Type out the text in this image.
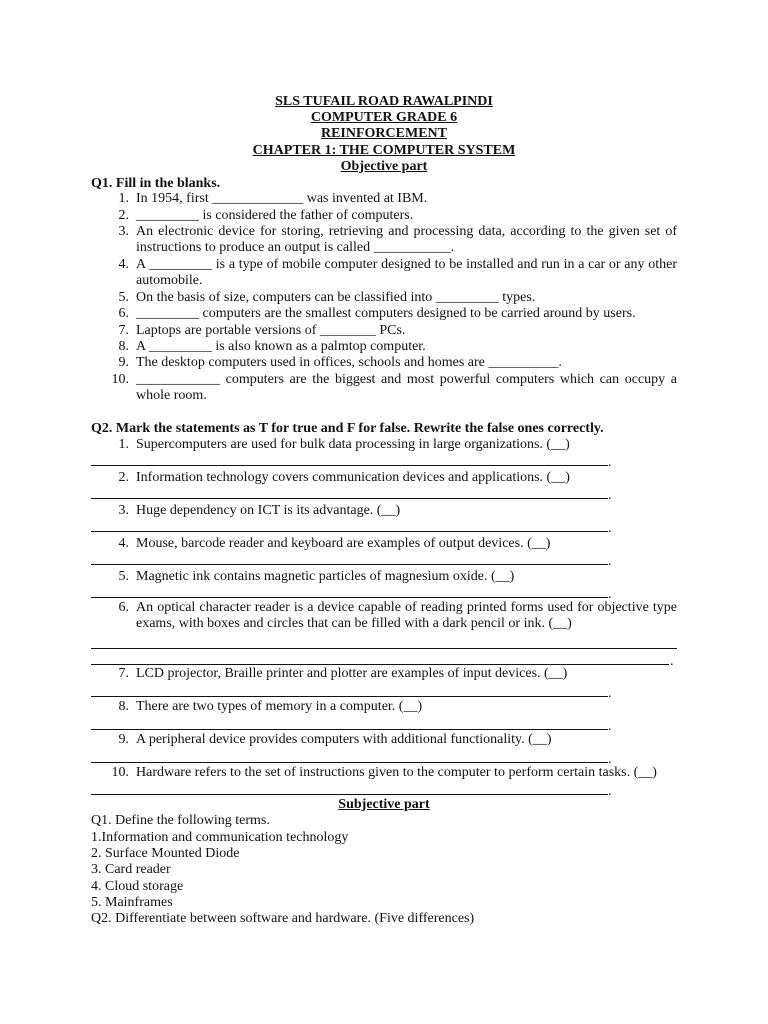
SLS TUFAIL ROAD RAWALPINDI
COMPUTER GRADE 6
REINFORCEMENT
CHAPTER 1: THE COMPUTER SYSTEM
Objective part
Q1. Fill in the blanks.
1. In 1954, first _____________ was invented at IBM.
2. _________ is considered the father of computers.
3. An electronic device for storing, retrieving and processing data, according to the given set of instructions to produce an output is called ___________.
4. A _________ is a type of mobile computer designed to be installed and run in a car or any other automobile.
5. On the basis of size, computers can be classified into _________ types.
6. _________ computers are the smallest computers designed to be carried around by users.
7. Laptops are portable versions of ________ PCs.
8. A _________ is also known as a palmtop computer.
9. The desktop computers used in offices, schools and homes are __________.
10. ____________ computers are the biggest and most powerful computers which can occupy a whole room.
Q2. Mark the statements as T for true and F for false. Rewrite the false ones correctly.
1. Supercomputers are used for bulk data processing in large organizations. (__)
.
2. Information technology covers communication devices and applications. (__)
.
3. Huge dependency on ICT is its advantage. (__)
.
4. Mouse, barcode reader and keyboard are examples of output devices. (__)
.
5. Magnetic ink contains magnetic particles of magnesium oxide. (__)
.
6. An optical character reader is a device capable of reading printed forms used for objective type exams, with boxes and circles that can be filled with a dark pencil or ink. (__)
.
7. LCD projector, Braille printer and plotter are examples of input devices. (__)
.
8. There are two types of memory in a computer. (__)
.
9. A peripheral device provides computers with additional functionality. (__)
.
10. Hardware refers to the set of instructions given to the computer to perform certain tasks. (__)
.
Subjective part
Q1. Define the following terms.
1.Information and communication technology
2. Surface Mounted Diode
3. Card reader
4. Cloud storage
5. Mainframes
Q2. Differentiate between software and hardware. (Five differences)
